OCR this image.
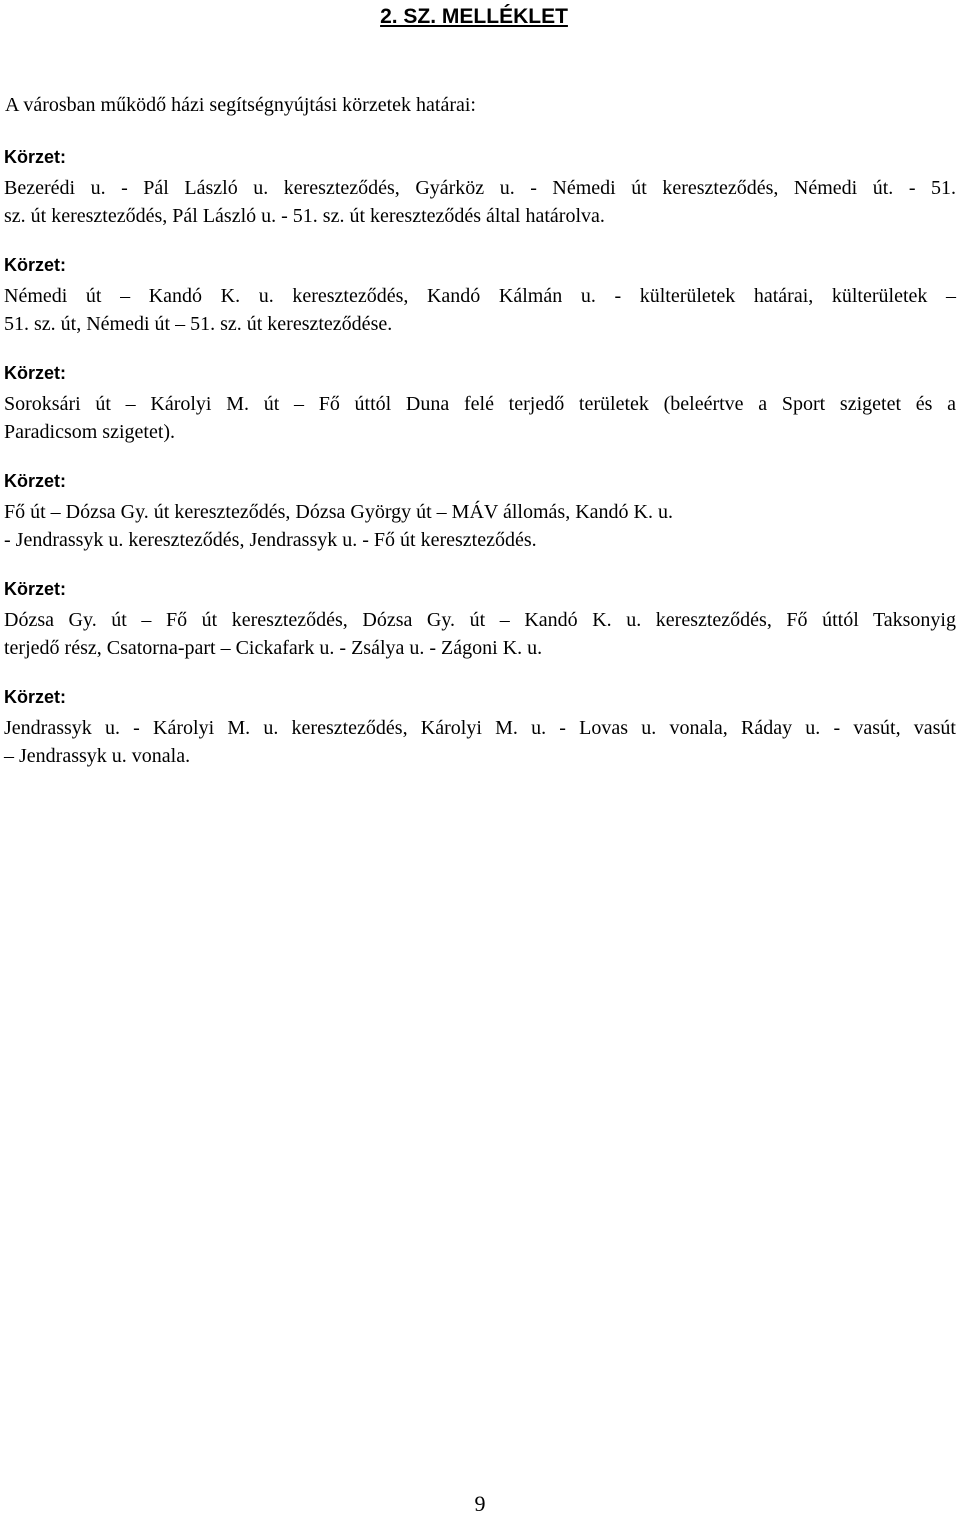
2. SZ. MELLÉKLET
A városban működő házi segítségnyújtási körzetek határai:
Körzet:
Bezerédi u. - Pál László u. kereszteződés, Gyárköz u. - Némedi út kereszteződés, Némedi út. - 51.
sz. út kereszteződés, Pál László u. - 51. sz. út kereszteződés által határolva.
Körzet:
Némedi út – Kandó K. u. kereszteződés, Kandó Kálmán u. - külterületek határai, külterületek –
51. sz. út, Némedi út – 51. sz. út kereszteződése.
Körzet:
Soroksári út – Károlyi M. út – Fő úttól Duna felé terjedő területek (beleértve a Sport szigetet és a
Paradicsom szigetet).
Körzet:
Fő út – Dózsa Gy. út kereszteződés, Dózsa György út – MÁV állomás, Kandó K. u.
- Jendrassyk u. kereszteződés, Jendrassyk u. - Fő út kereszteződés.
Körzet:
Dózsa Gy. út – Fő út kereszteződés, Dózsa Gy. út – Kandó K. u. kereszteződés, Fő úttól Taksonyig
terjedő rész, Csatorna-part – Cickafark u. - Zsálya u. - Zágoni K. u.
Körzet:
Jendrassyk u. - Károlyi M. u. kereszteződés, Károlyi M. u. - Lovas u. vonala, Ráday u. - vasút, vasút
– Jendrassyk u. vonala.
9
